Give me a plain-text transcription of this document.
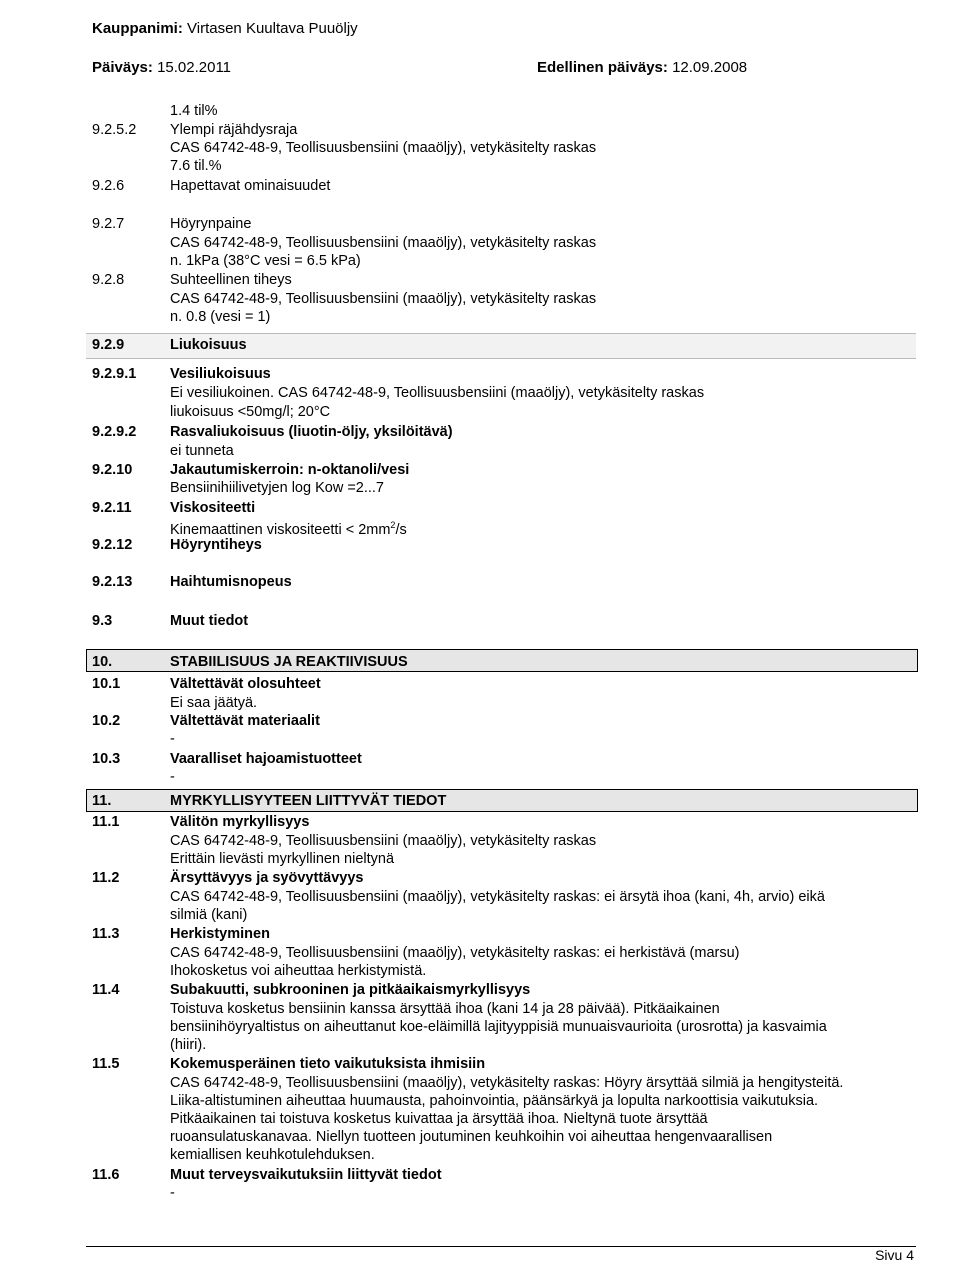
Kauppanimi: Virtasen Kuultava Puuöljy
Päiväys: 15.02.2011	Edellinen päiväys: 12.09.2008
1.4 til%
9.2.5.2 Ylempi räjähdysraja
CAS 64742-48-9, Teollisuusbensiini (maaöljy), vetykäsitelty raskas
7.6 til.%
9.2.6	Hapettavat ominaisuudet
9.2.7	Höyrynpaine
CAS 64742-48-9, Teollisuusbensiini (maaöljy), vetykäsitelty raskas
n. 1kPa (38°C vesi = 6.5 kPa)
9.2.8	Suhteellinen tiheys
CAS 64742-48-9, Teollisuusbensiini (maaöljy), vetykäsitelty raskas
n. 0.8 (vesi = 1)
9.2.9	Liukoisuus
9.2.9.1 Vesiliukoisuus
Ei vesiliukoinen. CAS 64742-48-9, Teollisuusbensiini (maaöljy), vetykäsitelty raskas
liukoisuus <50mg/l; 20°C
9.2.9.2 Rasvaliukoisuus (liuotin-öljy, yksilöitävä)
ei tunneta
9.2.10	Jakautumiskerroin: n-oktanoli/vesi
Bensiinihiilivetyjen log Kow =2...7
9.2.11	Viskositeetti
Kinemaattinen viskositeetti < $2mm^2/s$
9.2.12	Höyryntiheys
9.2.13	Haihtumisnopeus
9.3	Muut tiedot
10.	STABIILISUUS JA REAKTIIVISUUS
10.1	Vältettävät olosuhteet
Ei saa jäätyä.
10.2	Vältettävät materiaalit
-
10.3	Vaaralliset hajoamistuotteet
-
11.	MYRKYLLISYYTEEN LIITTYVÄT TIEDOT
11.1	Välitön myrkyllisyys
CAS 64742-48-9, Teollisuusbensiini (maaöljy), vetykäsitelty raskas
Erittäin lievästi myrkyllinen nieltynä
11.2	Ärsyttävyys ja syövyttävyys
CAS 64742-48-9, Teollisuusbensiini (maaöljy), vetykäsitelty raskas: ei ärsytä ihoa (kani, 4h, arvio) eikä
silmiä (kani)
11.3	Herkistyminen
CAS 64742-48-9, Teollisuusbensiini (maaöljy), vetykäsitelty raskas: ei herkistävä (marsu)
Ihokosketus voi aiheuttaa herkistymistä.
11.4	Subakuutti, subkrooninen ja pitkäaikaismyrkyllisyys
Toistuva kosketus bensiinin kanssa ärsyttää ihoa (kani 14 ja 28 päivää). Pitkäaikainen
bensiinihöyryaltistus on aiheuttanut koe-eläimillä lajityyppisiä munuaisvaurioita (urosrotta) ja kasvaimia
(hiiri).
11.5	Kokemusperäinen tieto vaikutuksista ihmisiin
CAS 64742-48-9, Teollisuusbensiini (maaöljy), vetykäsitelty raskas: Höyry ärsyttää silmiä ja hengitysteitä.
Liika-altistuminen aiheuttaa huumausta, pahoinvointia, päänsärkyä ja lopulta narkoottisia vaikutuksia.
Pitkäaikainen tai toistuva kosketus kuivattaa ja ärsyttää ihoa. Nieltynä tuote ärsyttää
ruoansulatuskanavaa. Niellyn tuotteen joutuminen keuhkoihin voi aiheuttaa hengenvaarallisen
kemiallisen keuhkotulehduksen.
11.6	Muut terveysvaikutuksiin liittyvät tiedot
-
Sivu 4
